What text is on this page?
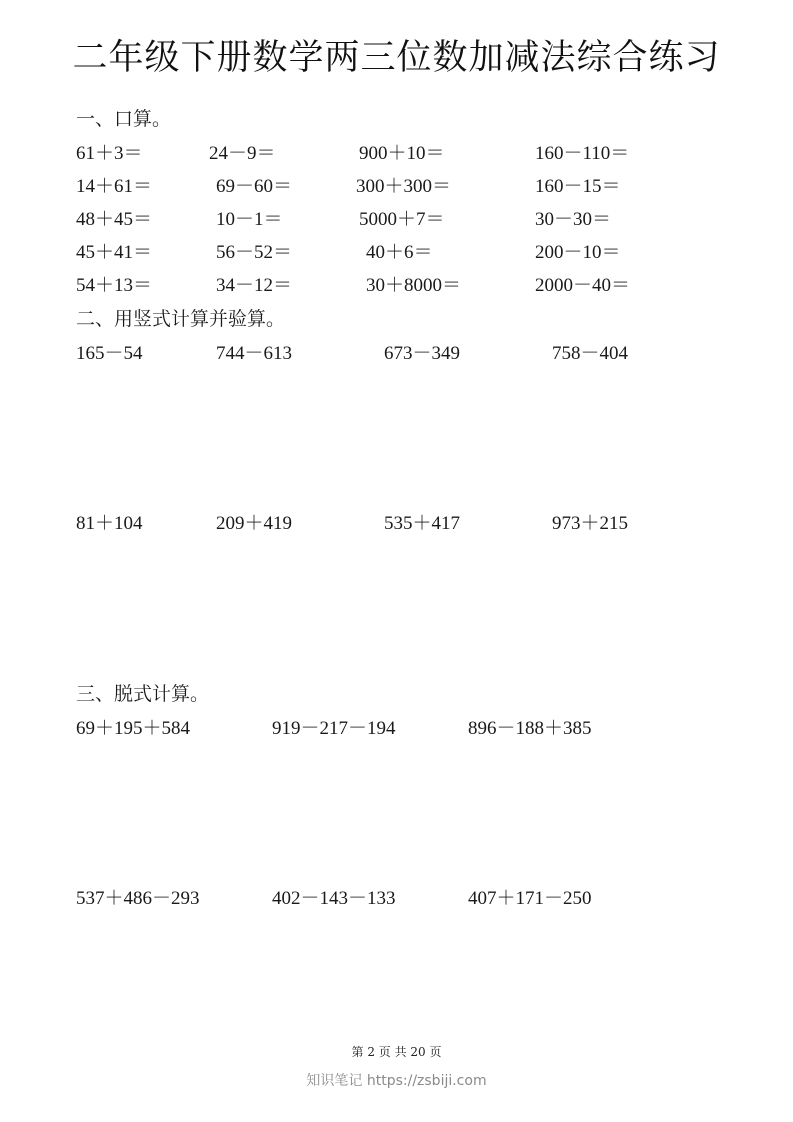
二年级下册数学两三位数加减法综合练习
一、口算。
61＋3＝	24－9＝	900＋10＝	160－110＝
14＋61＝	69－60＝	300＋300＝	160－15＝
48＋45＝	10－1＝	5000＋7＝	30－30＝
45＋41＝	56－52＝	40＋6＝	200－10＝
54＋13＝	34－12＝	30＋8000＝	2000－40＝
二、用竖式计算并验算。
165－54	744－613	673－349	758－404
81＋104	209＋419	535＋417	973＋215
三、脱式计算。
69＋195＋584	919－217－194	896－188＋385
537＋486－293	402－143－133	407＋171－250
第 2 页 共 20 页
知识笔记 https://zsbiji.com
